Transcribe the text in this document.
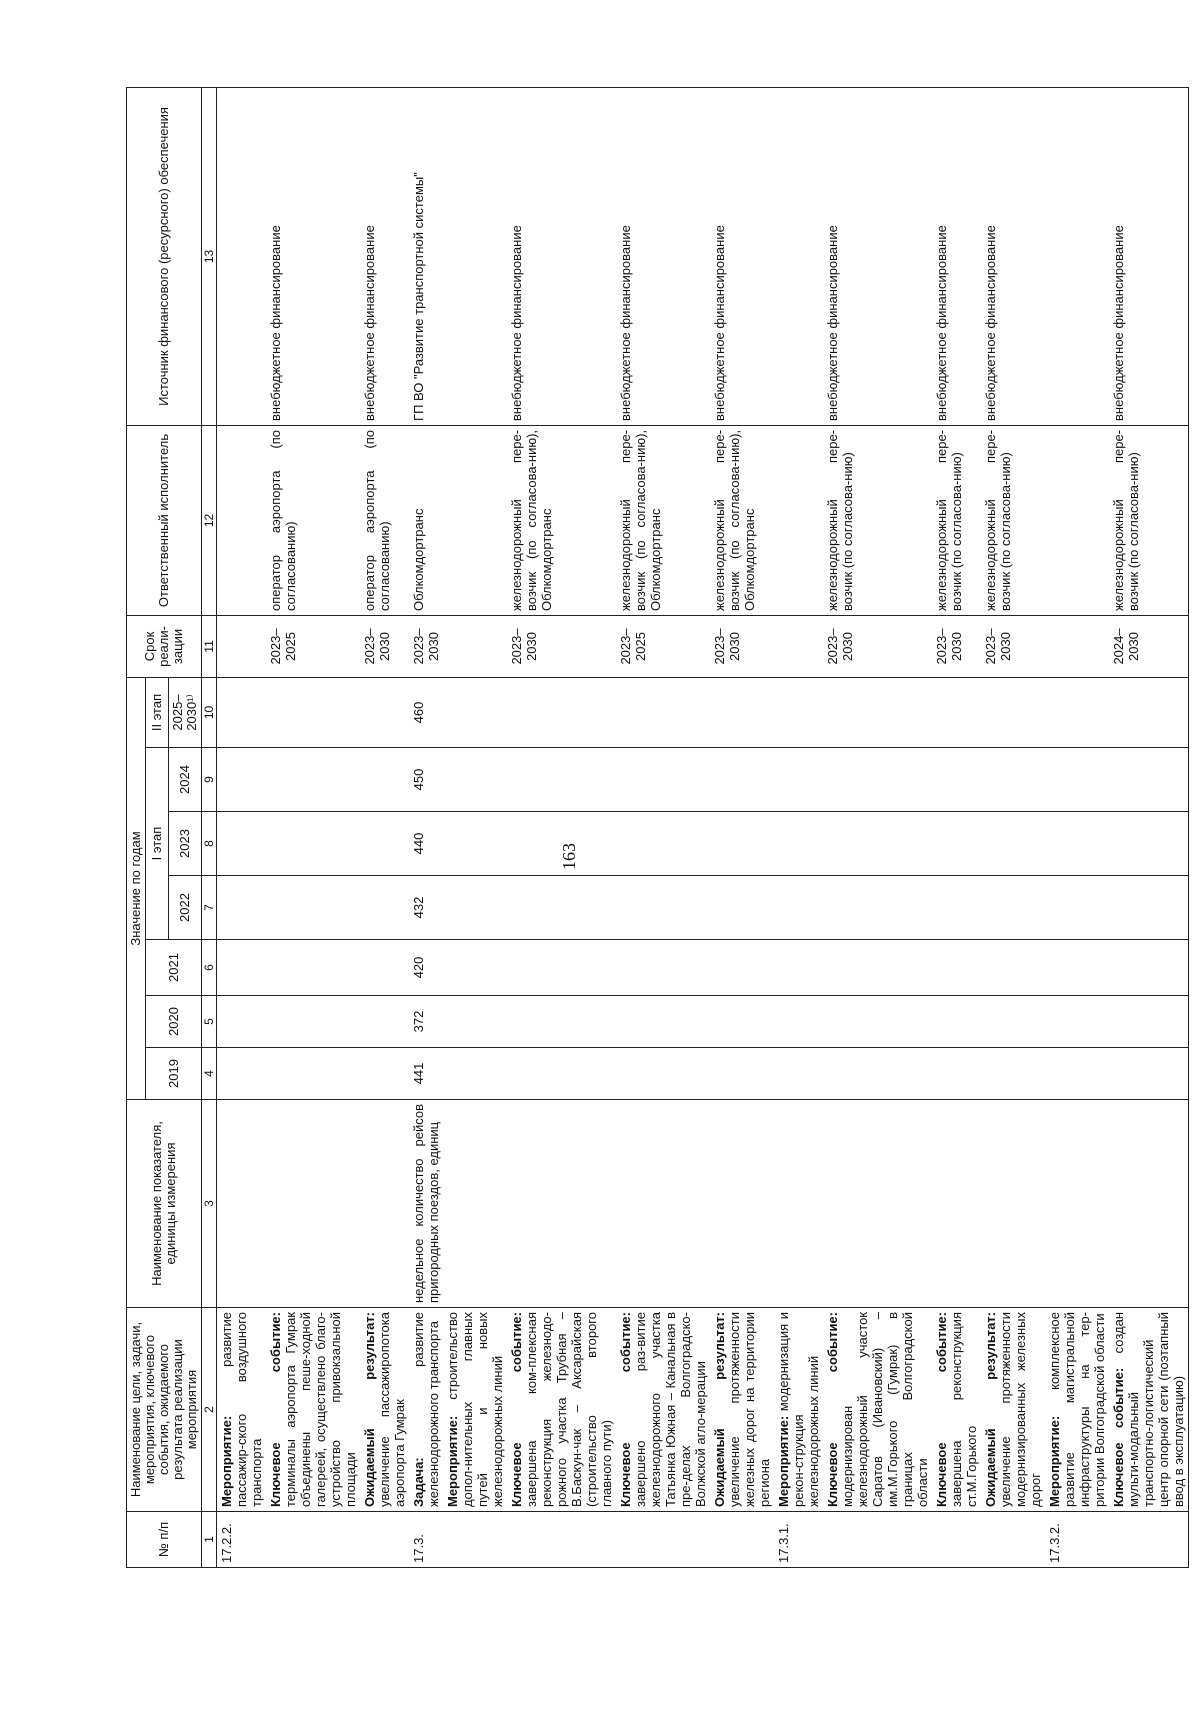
163
№ п/п	Наименование цели, задачи, мероприятия, ключевого события, ожидаемого результата реализации мероприятия	Наименование показателя, единицы измерения	Значение по годам							Срок реали-зации	Ответственный исполнитель	Источник финансового (ресурсного) обеспечения
			2019	2020	2021	I этап			II этап			
						2022	2023	2024	2025–2030¹⁾			
1	2	3	4	5	6	7	8	9	10	11	12	13
17.2.2.	Мероприятие: развитие пассажир-ского воздушного транспорта											
	Ключевое событие: терминалы аэропорта Гумрак объединены пеше-ходной галереей, осуществлено благо-устройство привокзальной площади									2023–2025	оператор аэропорта (по согласованию)	внебюджетное финансирование
	Ожидаемый результат: увеличение пассажиропотока аэропорта Гумрак									2023–2030	оператор аэропорта (по согласованию)	внебюджетное финансирование
17.3.	Задача: развитие железнодорожного транспорта	недельное количество рейсов пригородных поездов, единиц	441	372	420	432	440	450	460	2023–2030	Облкомдортранс	ГП ВО "Развитие транспортной системы"
	Мероприятие: строительство допол-нительных главных путей и новых железнодорожных линий											
	Ключевое событие: завершена ком-плексная реконструкция железнодо-рожного участка Трубная – В.Баскун-чак – Аксарайская (строительство второго главного пути)									2023–2030	железнодорожный пере-возчик (по согласова-нию), Облкомдортранс	внебюджетное финансирование
	Ключевое событие: завершено раз-витие железнодорожного участка Татьянка Южная – Канальная в пре-делах Волгоградско-Волжской агло-мерации									2023–2025	железнодорожный пере-возчик (по согласова-нию), Облкомдортранс	внебюджетное финансирование
	Ожидаемый результат: увеличение протяженности железных дорог на территории региона									2023–2030	железнодорожный пере-возчик (по согласова-нию), Облкомдортранс	внебюджетное финансирование
17.3.1.	Мероприятие: модернизация и рекон-струкция железнодорожных линий											
	Ключевое событие: модернизирован железнодорожный участок Саратов (Ивановский) – им.М.Горького (Гумрак) в границах Волгоградской области									2023–2030	железнодорожный пере-возчик (по согласова-нию)	внебюджетное финансирование
	Ключевое событие: завершена реконструкция ст.М.Горького									2023–2030	железнодорожный пере-возчик (по согласова-нию)	внебюджетное финансирование
	Ожидаемый результат: увеличение протяженности модернизированных железных дорог									2023–2030	железнодорожный пере-возчик (по согласова-нию)	внебюджетное финансирование
17.3.2.	Мероприятие: комплексное развитие магистральной инфраструктуры на тер-ритории Волгоградской области											
	Ключевое событие: создан мульти-модальный транспортно-логистический центр опорной сети (поэтапный ввод в эксплуатацию)									2024–2030	железнодорожный пере-возчик (по согласова-нию)	внебюджетное финансирование
